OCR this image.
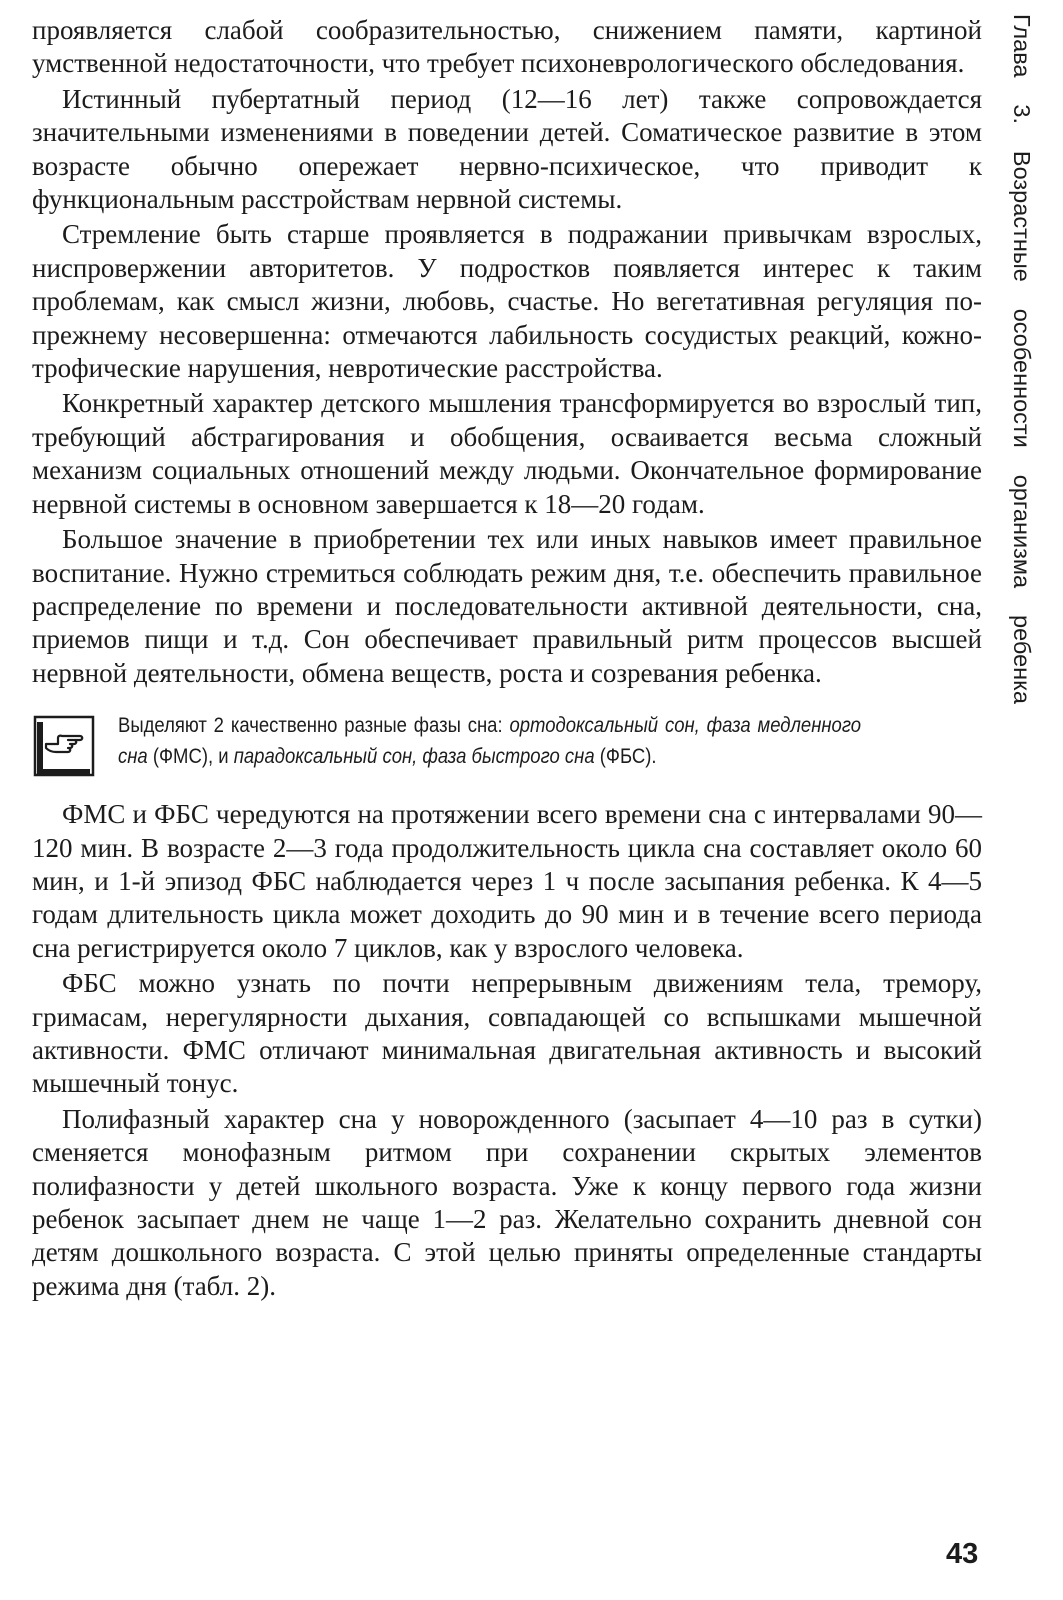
проявляется слабой сообразительностью, снижением памяти, картиной умственной недостаточности, что требует психоневрологического обследования.

Истинный пубертатный период (12—16 лет) также сопровождается значительными изменениями в поведении детей. Соматическое развитие в этом возрасте обычно опережает нервно-психическое, что приводит к функциональным расстройствам нервной системы.

Стремление быть старше проявляется в подражании привычкам взрослых, ниспровержении авторитетов. У подростков появляется интерес к таким проблемам, как смысл жизни, любовь, счастье. Но вегетативная регуляция по-прежнему несовершенна: отмечаются лабильность сосудистых реакций, кожно-трофические нарушения, невротические расстройства.

Конкретный характер детского мышления трансформируется во взрослый тип, требующий абстрагирования и обобщения, осваивается весьма сложный механизм социальных отношений между людьми. Окончательное формирование нервной системы в основном завершается к 18—20 годам.

Большое значение в приобретении тех или иных навыков имеет правильное воспитание. Нужно стремиться соблюдать режим дня, т.е. обеспечить правильное распределение по времени и последовательности активной деятельности, сна, приемов пищи и т.д. Сон обеспечивает правильный ритм процессов высшей нервной деятельности, обмена веществ, роста и созревания ребенка.

Выделяют 2 качественно разные фазы сна: ортодоксальный сон, фаза медленного сна (ФМС), и парадоксальный сон, фаза быстрого сна (ФБС).

ФМС и ФБС чередуются на протяжении всего времени сна с интервалами 90—120 мин. В возрасте 2—3 года продолжительность цикла сна составляет около 60 мин, и 1-й эпизод ФБС наблюдается через 1 ч после засыпания ребенка. К 4—5 годам длительность цикла может доходить до 90 мин и в течение всего периода сна регистрируется около 7 циклов, как у взрослого человека.

ФБС можно узнать по почти непрерывным движениям тела, тремору, гримасам, нерегулярности дыхания, совпадающей со вспышками мышечной активности. ФМС отличают минимальная двигательная активность и высокий мышечный тонус.

Полифазный характер сна у новорожденного (засыпает 4—10 раз в сутки) сменяется монофазным ритмом при сохранении скрытых элементов полифазности у детей школьного возраста. Уже к концу первого года жизни ребенок засыпает днем не чаще 1—2 раз. Желательно сохранить дневной сон детям дошкольного возраста. С этой целью приняты определенные стандарты режима дня (табл. 2).

Глава 3. Возрастные особенности организма ребенка
43
